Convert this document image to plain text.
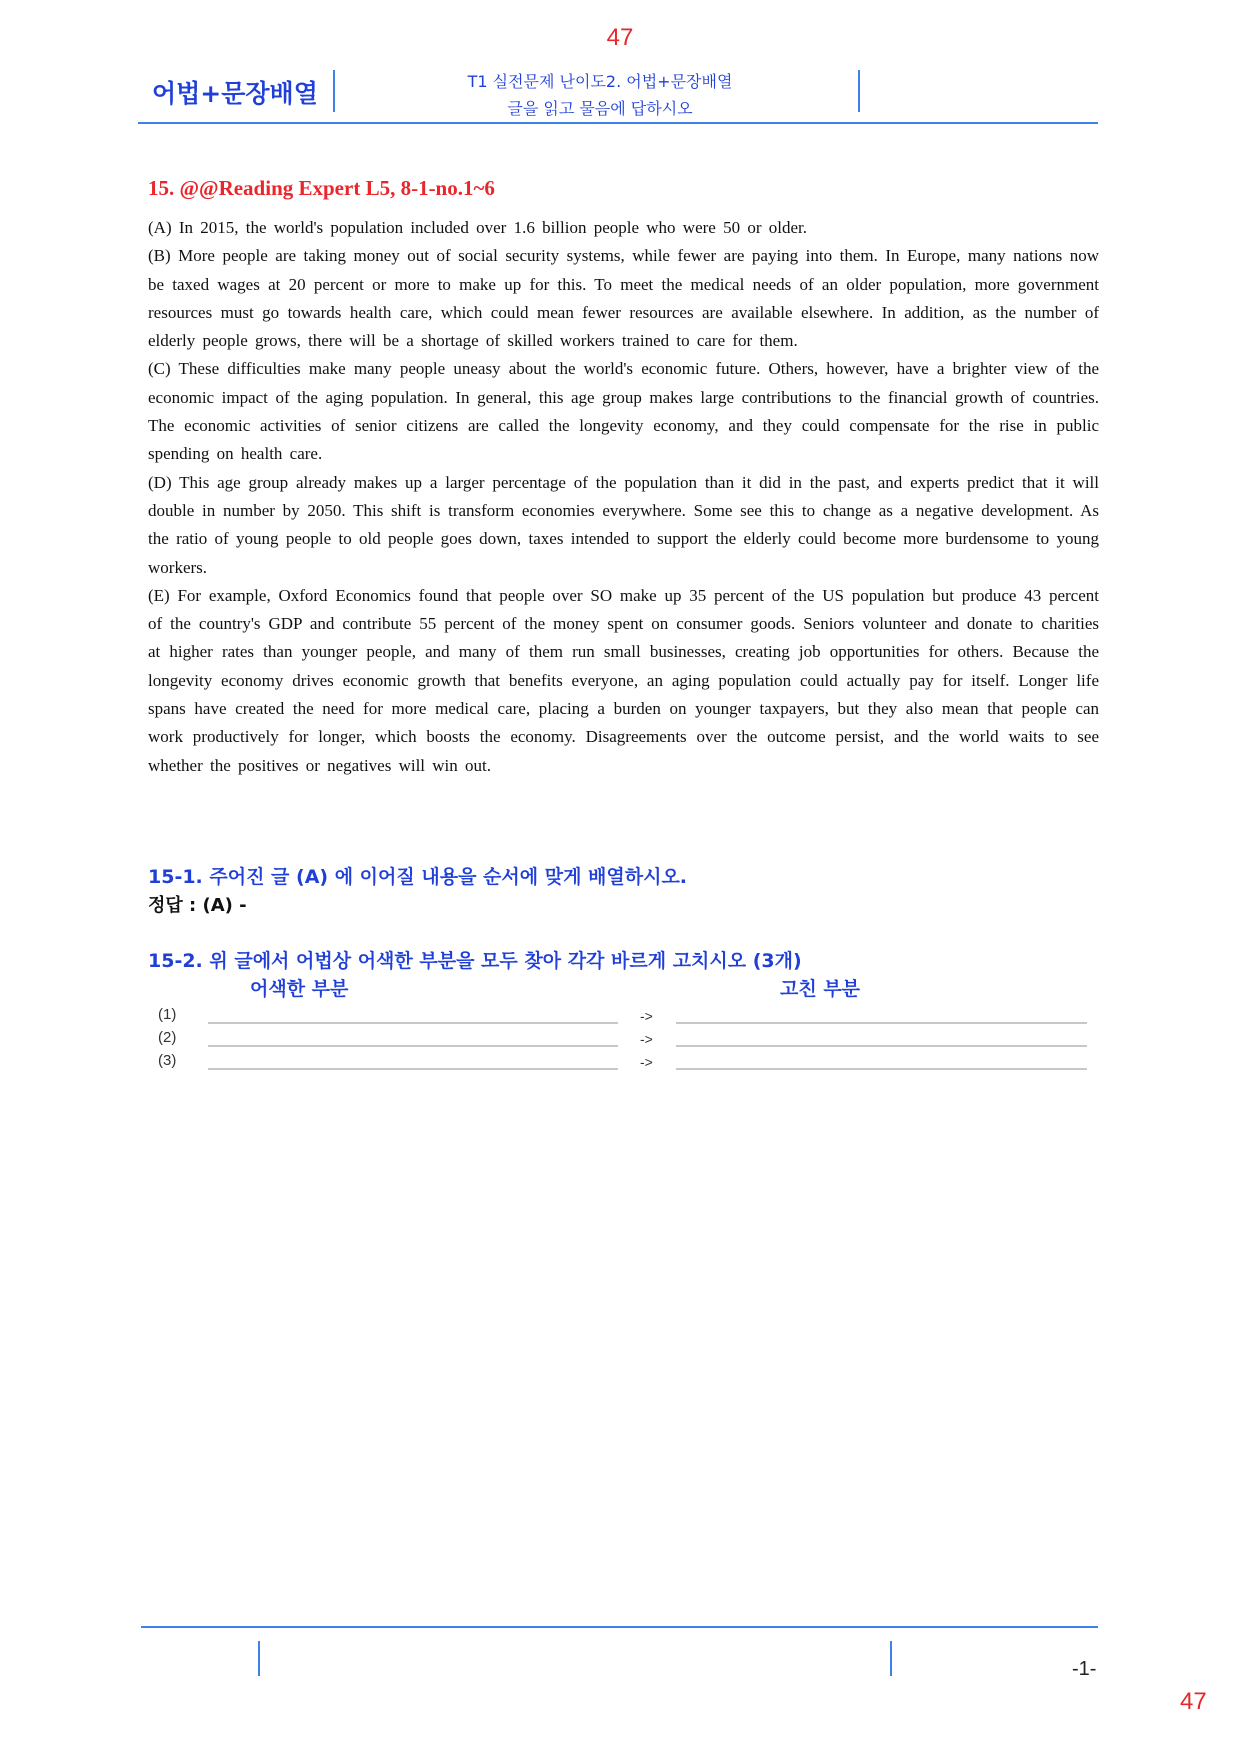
47
어법+문장배열	T1 실전문제 난이도2. 어법+문장배열
글을 읽고 물음에 답하시오
15. @@Reading Expert L5, 8-1-no.1~6

(A) In 2015, the world's population included over 1.6 billion people who were 50 or older.

(B) More people are taking money out of social security systems, while fewer are paying into them. In Europe, many nations now be taxed wages at 20 percent or more to make up for this. To meet the medical needs of an older population, more government resources must go towards health care, which could mean fewer resources are available elsewhere. In addition, as the number of elderly people grows, there will be a shortage of skilled workers trained to care for them.

(C) These difficulties make many people uneasy about the world's economic future. Others, however, have a brighter view of the economic impact of the aging population. In general, this age group makes large contributions to the financial growth of countries. The economic activities of senior citizens are called the longevity economy, and they could compensate for the rise in public spending on health care.

(D) This age group already makes up a larger percentage of the population than it did in the past, and experts predict that it will double in number by 2050. This shift is transform economies everywhere. Some see this to change as a negative development. As the ratio of young people to old people goes down, taxes intended to support the elderly could become more burdensome to young workers.

(E) For example, Oxford Economics found that people over SO make up 35 percent of the US population but produce 43 percent of the country's GDP and contribute 55 percent of the money spent on consumer goods. Seniors volunteer and donate to charities at higher rates than younger people, and many of them run small businesses, creating job opportunities for others. Because the longevity economy drives economic growth that benefits everyone, an aging population could actually pay for itself. Longer life spans have created the need for more medical care, placing a burden on younger taxpayers, but they also mean that people can work productively for longer, which boosts the economy. Disagreements over the outcome persist, and the world waits to see whether the positives or negatives will win out.

15-1. 주어진 글 (A) 에 이어질 내용을 순서에 맞게 배열하시오.
정답 : (A) -
15-2. 위 글에서 어법상 어색한 부분을 모두 찾아 각각 바르게 고치시오 (3개)
어색한 부분	고친 부분
(1)	->
(2)	->
(3)	->
-1-
47
